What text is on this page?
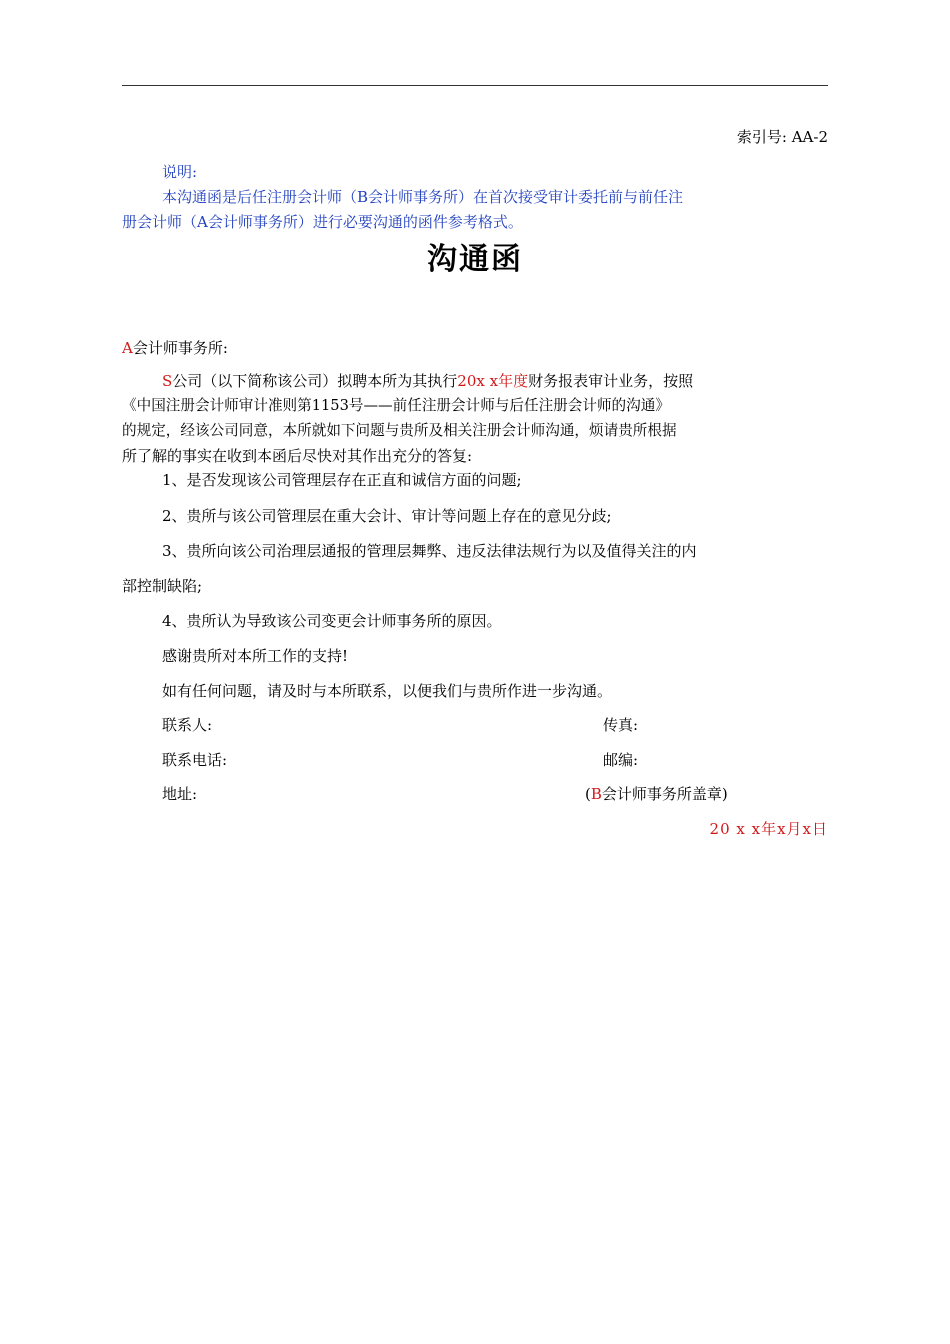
索引号: AA-2
说明:
本沟通函是后任注册会计师（B会计师事务所）在首次接受审计委托前与前任注
册会计师（A会计师事务所）进行必要沟通的函件参考格式。
沟通函
A会计师事务所:
S公司（以下简称该公司）拟聘本所为其执行20x x年度财务报表审计业务，按照
《中国注册会计师审计准则第1153号——前任注册会计师与后任注册会计师的沟通》
的规定，经该公司同意，本所就如下问题与贵所及相关注册会计师沟通，烦请贵所根据
所了解的事实在收到本函后尽快对其作出充分的答复:
1、是否发现该公司管理层存在正直和诚信方面的问题;
2、贵所与该公司管理层在重大会计、审计等问题上存在的意见分歧;
3、贵所向该公司治理层通报的管理层舞弊、违反法律法规行为以及值得关注的内
部控制缺陷;
4、贵所认为导致该公司变更会计师事务所的原因。
感谢贵所对本所工作的支持!
如有任何问题，请及时与本所联系，以便我们与贵所作进一步沟通。
联系人:	传真:
联系电话:	邮编:
地址:	(B会计师事务所盖章)
20 x x年x月x日
